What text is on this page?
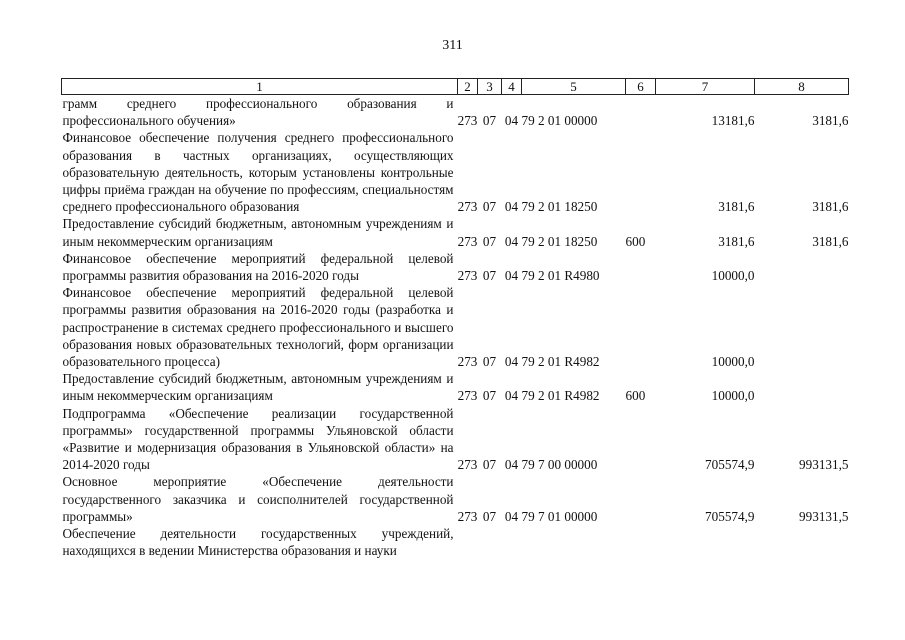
311
1	2	3	4	5	6	7	8
грамм среднего профессионального образования и профессионального обучения»	273	07	04	79 2 01 00000		13181,6	3181,6
Финансовое обеспечение получения среднего профессионального образования в частных организациях, осуществляющих образовательную деятельность, которым установлены контрольные цифры приёма граждан на обучение по профессиям, специальностям среднего профессионального образования	273	07	04	79 2 01 18250		3181,6	3181,6
Предоставление субсидий бюджетным, автономным учреждениям и иным некоммерческим организациям	273	07	04	79 2 01 18250	600	3181,6	3181,6
Финансовое обеспечение мероприятий федеральной целевой программы развития образования на 2016-2020 годы	273	07	04	79 2 01 R4980		10000,0	
Финансовое обеспечение мероприятий федеральной целевой программы развития образования на 2016-2020 годы (разработка и распространение в системах среднего профессионального и высшего образования новых образовательных технологий, форм организации образовательного процесса)	273	07	04	79 2 01 R4982		10000,0	
Предоставление субсидий бюджетным, автономным учреждениям и иным некоммерческим организациям	273	07	04	79 2 01 R4982	600	10000,0	
Подпрограмма «Обеспечение реализации государственной программы» государственной программы Ульяновской области «Развитие и модернизация образования в Ульяновской области» на 2014-2020 годы	273	07	04	79 7 00 00000		705574,9	993131,5
Основное мероприятие «Обеспечение деятельности государственного заказчика и соисполнителей государственной программы»	273	07	04	79 7 01 00000		705574,9	993131,5
Обеспечение деятельности государственных учреждений, находящихся в ведении Министерства образования и науки							
